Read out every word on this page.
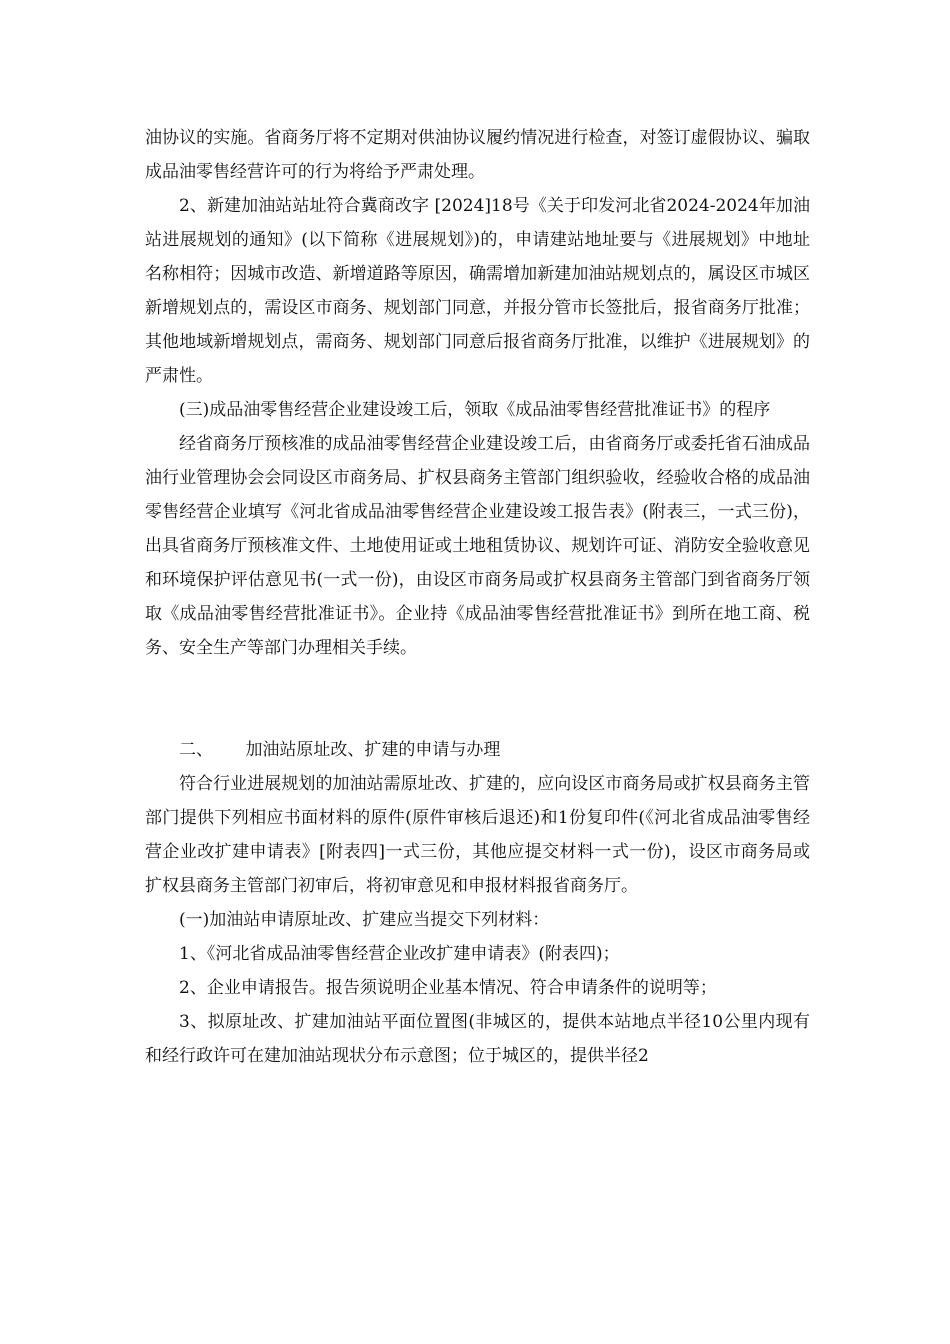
油协议的实施。省商务厅将不定期对供油协议履约情况进行检查，对签订虚假协议、骗取成品油零售经营许可的行为将给予严肃处理。

2、新建加油站站址符合冀商改字 [2024]18号《关于印发河北省2024-2024年加油站进展规划的通知》(以下简称《进展规划》)的，申请建站地址要与《进展规划》中地址名称相符；因城市改造、新增道路等原因，确需增加新建加油站规划点的，属设区市城区新增规划点的，需设区市商务、规划部门同意，并报分管市长签批后，报省商务厅批准；其他地域新增规划点，需商务、规划部门同意后报省商务厅批准，以维护《进展规划》的严肃性。

(三)成品油零售经营企业建设竣工后，领取《成品油零售经营批准证书》的程序

经省商务厅预核准的成品油零售经营企业建设竣工后，由省商务厅或委托省石油成品油行业管理协会会同设区市商务局、扩权县商务主管部门组织验收，经验收合格的成品油零售经营企业填写《河北省成品油零售经营企业建设竣工报告表》(附表三，一式三份)，出具省商务厅预核准文件、土地使用证或土地租赁协议、规划许可证、消防安全验收意见和环境保护评估意见书(一式一份)，由设区市商务局或扩权县商务主管部门到省商务厅领取《成品油零售经营批准证书》。企业持《成品油零售经营批准证书》到所在地工商、税务、安全生产等部门办理相关手续。

二、 加油站原址改、扩建的申请与办理

符合行业进展规划的加油站需原址改、扩建的，应向设区市商务局或扩权县商务主管部门提供下列相应书面材料的原件(原件审核后退还)和1份复印件(《河北省成品油零售经营企业改扩建申请表》[附表四]一式三份，其他应提交材料一式一份)，设区市商务局或扩权县商务主管部门初审后，将初审意见和申报材料报省商务厅。

(一)加油站申请原址改、扩建应当提交下列材料：

1、《河北省成品油零售经营企业改扩建申请表》(附表四)；

2、企业申请报告。报告须说明企业基本情况、符合申请条件的说明等；

3、拟原址改、扩建加油站平面位置图(非城区的，提供本站地点半径10公里内现有和经行政许可在建加油站现状分布示意图；位于城区的，提供半径2
